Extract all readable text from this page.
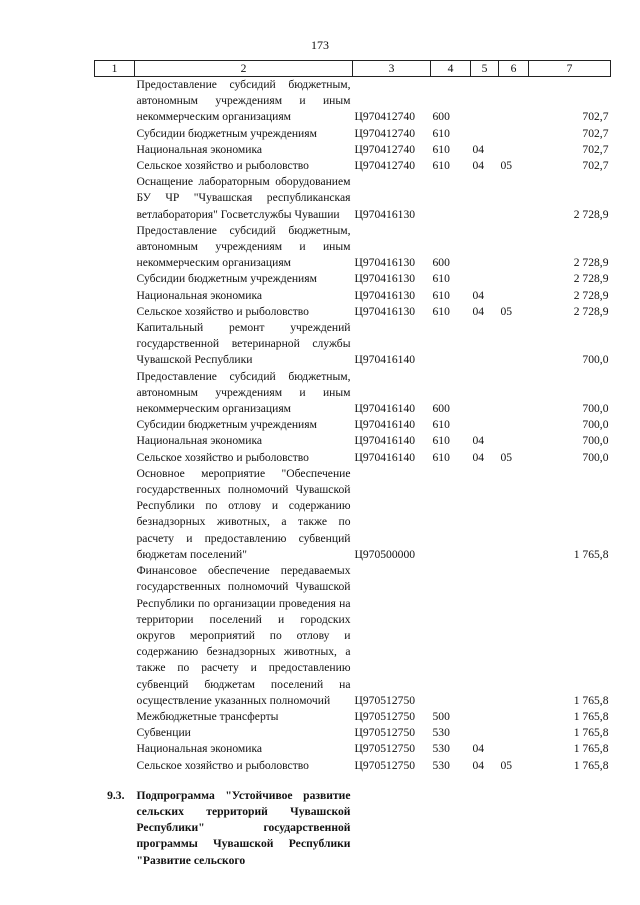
173
1	2	3	4	5	6	7
	Предоставление субсидий бюджетным, автономным учреждениям и иным некоммерческим организациям	Ц970412740	600			702,7
	Субсидии бюджетным учреждениям	Ц970412740	610			702,7
	Национальная экономика	Ц970412740	610	04		702,7
	Сельское хозяйство и рыболовство	Ц970412740	610	04	05	702,7
	Оснащение лабораторным оборудованием БУ ЧР "Чувашская республиканская ветлаборатория" Госветслужбы Чувашии	Ц970416130				2 728,9
	Предоставление субсидий бюджетным, автономным учреждениям и иным некоммерческим организациям	Ц970416130	600			2 728,9
	Субсидии бюджетным учреждениям	Ц970416130	610			2 728,9
	Национальная экономика	Ц970416130	610	04		2 728,9
	Сельское хозяйство и рыболовство	Ц970416130	610	04	05	2 728,9
	Капитальный ремонт учреждений государственной ветеринарной службы Чувашской Республики	Ц970416140				700,0
	Предоставление субсидий бюджетным, автономным учреждениям и иным некоммерческим организациям	Ц970416140	600			700,0
	Субсидии бюджетным учреждениям	Ц970416140	610			700,0
	Национальная экономика	Ц970416140	610	04		700,0
	Сельское хозяйство и рыболовство	Ц970416140	610	04	05	700,0
	Основное мероприятие "Обеспечение государственных полномочий Чувашской Республики по отлову и содержанию безнадзорных животных, а также по расчету и предоставлению субвенций бюджетам поселений"	Ц970500000				1 765,8
	Финансовое обеспечение передаваемых государственных полномочий Чувашской Республики по организации проведения на территории поселений и городских округов мероприятий по отлову и содержанию безнадзорных животных, а также по расчету и предоставлению субвенций бюджетам поселений на осуществление указанных полномочий	Ц970512750				1 765,8
	Межбюджетные трансферты	Ц970512750	500			1 765,8
	Субвенции	Ц970512750	530			1 765,8
	Национальная экономика	Ц970512750	530	04		1 765,8
	Сельское хозяйство и рыболовство	Ц970512750	530	04	05	1 765,8
9.3.	Подпрограмма "Устойчивое развитие сельских территорий Чувашской Республики" государственной программы Чувашской Республики "Развитие сельского					
